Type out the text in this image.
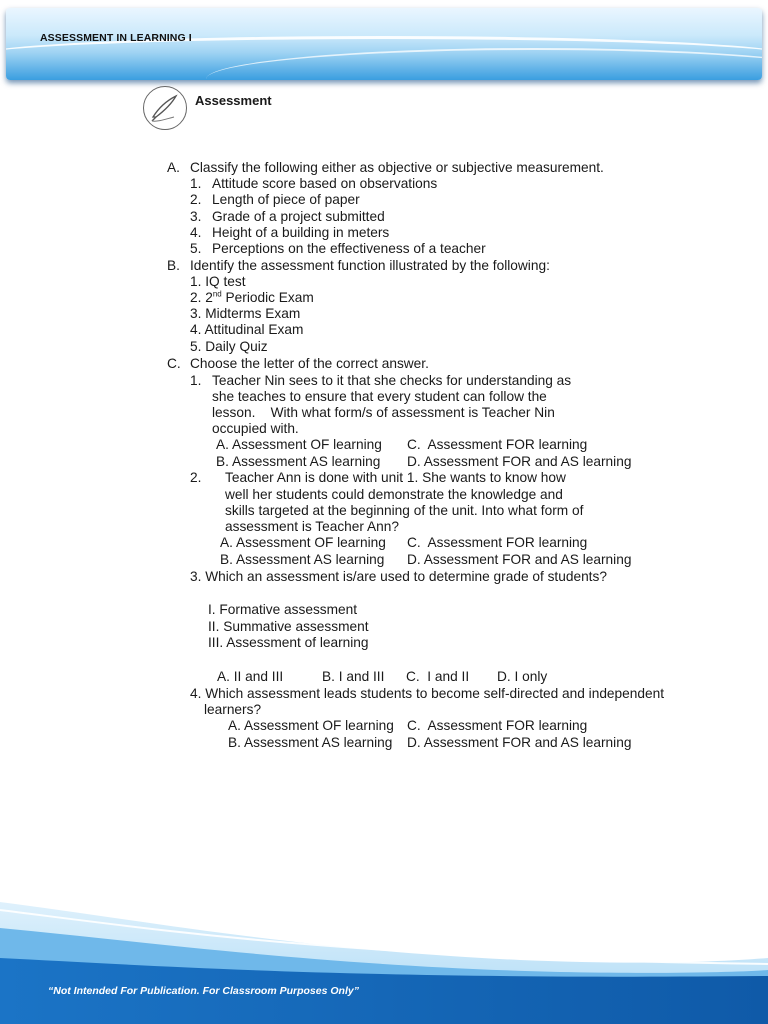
ASSESSMENT IN LEARNING I
Assessment
A. Classify the following either as objective or subjective measurement.
1. Attitude score based on observations
2. Length of piece of paper
3. Grade of a project submitted
4. Height of a building in meters
5. Perceptions on the effectiveness of a teacher
B. Identify the assessment function illustrated by the following:
1. IQ test
2. 2nd Periodic Exam
3. Midterms Exam
4. Attitudinal Exam
5. Daily Quiz
C. Choose the letter of the correct answer.
1. Teacher Nin sees to it that she checks for understanding as
she teaches to ensure that every student can follow the
lesson.    With what form/s of assessment is Teacher Nin
occupied with.
A. Assessment OF learning C.  Assessment FOR learning
B. Assessment AS learning D. Assessment FOR and AS learning
2. Teacher Ann is done with unit 1. She wants to know how
well her students could demonstrate the knowledge and
skills targeted at the beginning of the unit. Into what form of
assessment is Teacher Ann?
A. Assessment OF learning C.  Assessment FOR learning
B. Assessment AS learning D. Assessment FOR and AS learning
3. Which an assessment is/are used to determine grade of students?
I. Formative assessment
II. Summative assessment
III. Assessment of learning
A. II and III	B. I and III C.  I and II D. I only
4. Which assessment leads students to become self-directed and independent
learners?
A. Assessment OF learning C.  Assessment FOR learning
B. Assessment AS learning D. Assessment FOR and AS learning
“Not Intended For Publication. For Classroom Purposes Only”
